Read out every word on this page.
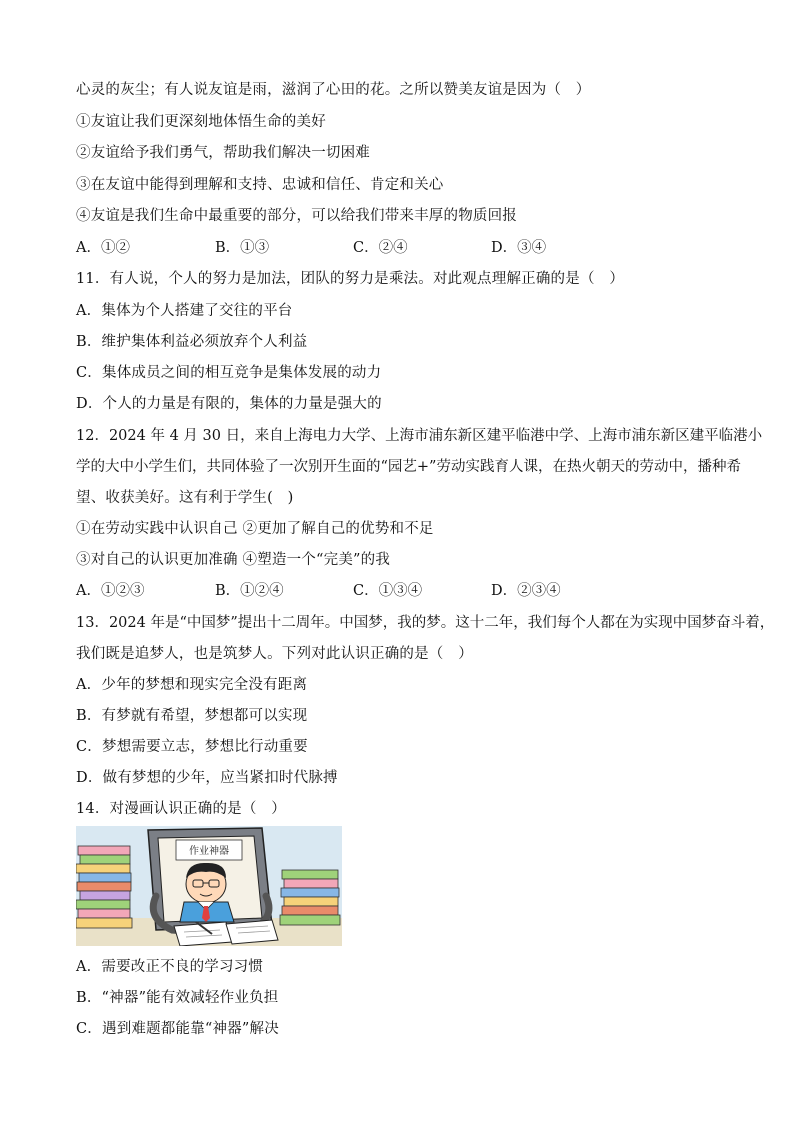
心灵的灰尘；有人说友谊是雨，滋润了心田的花。之所以赞美友谊是因为（　）
①友谊让我们更深刻地体悟生命的美好
②友谊给予我们勇气，帮助我们解决一切困难
③在友谊中能得到理解和支持、忠诚和信任、肯定和关心
④友谊是我们生命中最重要的部分，可以给我们带来丰厚的物质回报
A．①②	B．①③	C．②④	D．③④
11．有人说，个人的努力是加法，团队的努力是乘法。对此观点理解正确的是（　）
A．集体为个人搭建了交往的平台
B．维护集体利益必须放弃个人利益
C．集体成员之间的相互竞争是集体发展的动力
D．个人的力量是有限的，集体的力量是强大的
12．2024 年 4 月 30 日，来自上海电力大学、上海市浦东新区建平临港中学、上海市浦东新区建平临港小
学的大中小学生们，共同体验了一次别开生面的“园艺+”劳动实践育人课，在热火朝天的劳动中，播种希
望、收获美好。这有利于学生(　)
①在劳动实践中认识自己 ②更加了解自己的优势和不足
③对自己的认识更加准确 ④塑造一个“完美”的我
A．①②③	B．①②④	C．①③④	D．②③④
13．2024 年是“中国梦”提出十二周年。中国梦，我的梦。这十二年，我们每个人都在为实现中国梦奋斗着，
我们既是追梦人，也是筑梦人。下列对此认识正确的是（　）
A．少年的梦想和现实完全没有距离
B．有梦就有希望，梦想都可以实现
C．梦想需要立志，梦想比行动重要
D．做有梦想的少年，应当紧扣时代脉搏
14．对漫画认识正确的是（　）
作业神器
A．需要改正不良的学习习惯
B．“神器”能有效减轻作业负担
C．遇到难题都能靠“神器”解决
